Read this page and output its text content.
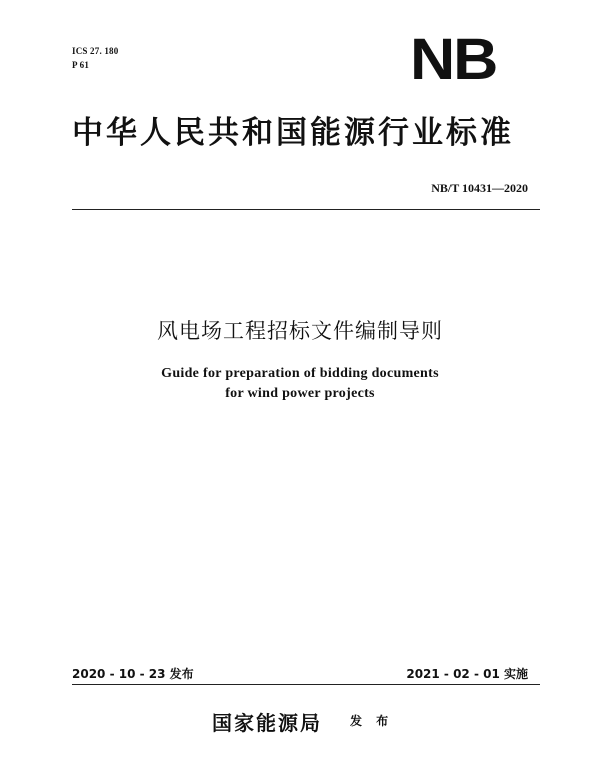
ICS 27. 180
P 61	NB
中华人民共和国能源行业标准
NB/T 10431—2020
风电场工程招标文件编制导则
Guide for preparation of bidding documents
for wind power projects
2020 - 10 - 23 发布	2021 - 02 - 01 实施
国家能源局 发 布
